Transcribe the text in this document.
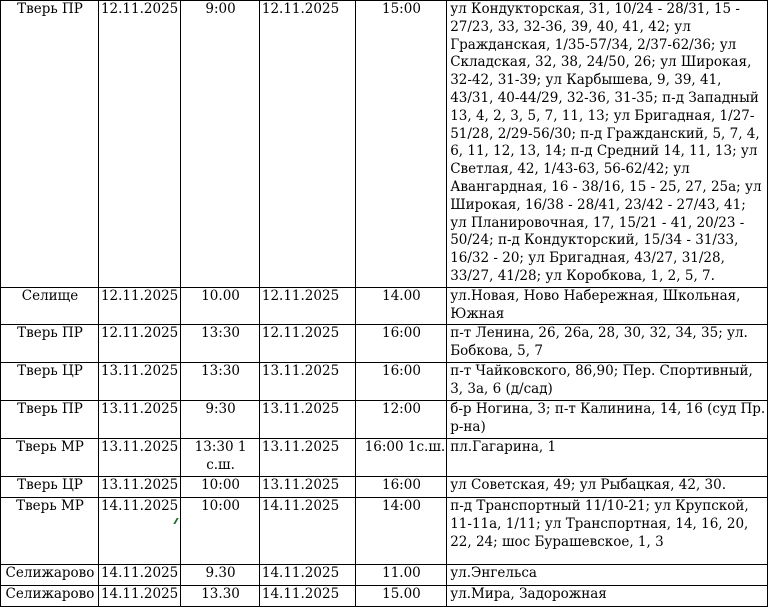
Тверь ПР	12.11.2025	9:00	12.11.2025	15:00	ул Кондукторская, 31, 10/24 - 28/31, 15 - 27/23, 33, 32-36, 39, 40, 41, 42; ул Гражданская, 1/35-57/34, 2/37-62/36; ул Складская, 32, 38, 24/50, 26; ул Широкая, 32-42, 31-39; ул Карбышева, 9, 39, 41, 43/31, 40-44/29, 32-36, 31-35; п-д Западный 13, 4, 2, 3, 5, 7, 11, 13; ул Бригадная, 1/27-51/28, 2/29-56/30; п-д Гражданский, 5, 7, 4, 6, 11, 12, 13, 14; п-д Средний 14, 11, 13; ул Светлая, 42, 1/43-63, 56-62/42; ул Авангардная, 16 - 38/16, 15 - 25, 27, 25а; ул Широкая, 16/38 - 28/41, 23/42 - 27/43, 41; ул Планировочная, 17, 15/21 - 41, 20/23 - 50/24; п-д Кондукторский, 15/34 - 31/33, 16/32 - 20; ул Бригадная, 43/27, 31/28, 33/27, 41/28; ул Коробкова, 1, 2, 5, 7.
Селище	12.11.2025	10.00	12.11.2025	14.00	ул.Новая, Ново Набережная, Школьная, Южная
Тверь ПР	12.11.2025	13:30	12.11.2025	16:00	п-т Ленина, 26, 26а, 28, 30, 32, 34, 35; ул. Бобкова, 5, 7
Тверь ЦР	13.11.2025	13:30	13.11.2025	16:00	п-т Чайковского, 86,90; Пер. Спортивный, 3, 3а, 6 (д/сад)
Тверь ПР	13.11.2025	9:30	13.11.2025	12:00	б-р Ногина, 3; п-т Калинина, 14, 16 (суд Пр. р-на)
Тверь МР	13.11.2025	13:30 1 с.ш.	13.11.2025	16:00 1с.ш.	пл.Гагарина, 1
Тверь ЦР	13.11.2025	10:00	13.11.2025	16:00	ул Советская, 49; ул Рыбацкая, 42, 30.
Тверь МР	14.11.2025	10:00	14.11.2025	14:00	п-д Транспортный 11/10-21; ул Крупской, 11-11а, 1/11; ул Транспортная, 14, 16, 20, 22, 24; шос Бурашевское, 1, 3
Селижарово	14.11.2025	9.30	14.11.2025	11.00	ул.Энгельса
Селижарово	14.11.2025	13.30	14.11.2025	15.00	ул.Мира, Задорожная
